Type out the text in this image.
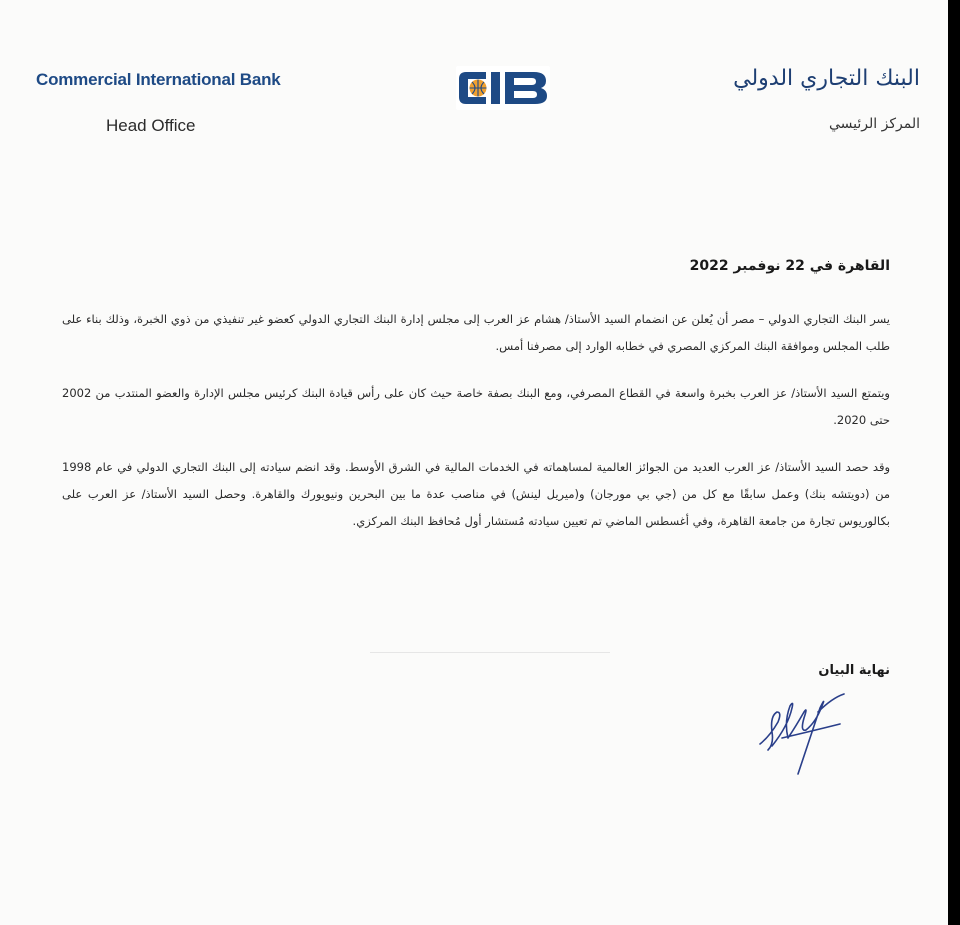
Commercial International Bank
Head Office
البنك التجاري الدولي
المركز الرئيسي
القاهرة في 22 نوفمبر 2022

يسر البنك التجاري الدولي – مصر أن يُعلن عن انضمام السيد الأستاذ/ هشام عز العرب إلى مجلس إدارة البنك التجاري الدولي كعضو غير تنفيذي من ذوي الخبرة، وذلك بناء على طلب المجلس وموافقة البنك المركزي المصري في خطابه الوارد إلى مصرفنا أمس.

ويتمتع السيد الأستاذ/ عز العرب بخبرة واسعة في القطاع المصرفي، ومع البنك بصفة خاصة حيث كان على رأس قيادة البنك كرئيس مجلس الإدارة والعضو المنتدب من 2002 حتى 2020.

وقد حصد السيد الأستاذ/ عز العرب العديد من الجوائز العالمية لمساهماته في الخدمات المالية في الشرق الأوسط. وقد انضم سيادته إلى البنك التجاري الدولي في عام 1998 من (دويتشه بنك) وعمل سابقًا مع كل من (جي بي مورجان) و(ميريل لينش) في مناصب عدة ما بين البحرين ونيويورك والقاهرة. وحصل السيد الأستاذ/ عز العرب على بكالوريوس تجارة من جامعة القاهرة، وفي أغسطس الماضي تم تعيين سيادته مُستشار أول مُحافظ البنك المركزي.

نهاية البيان
